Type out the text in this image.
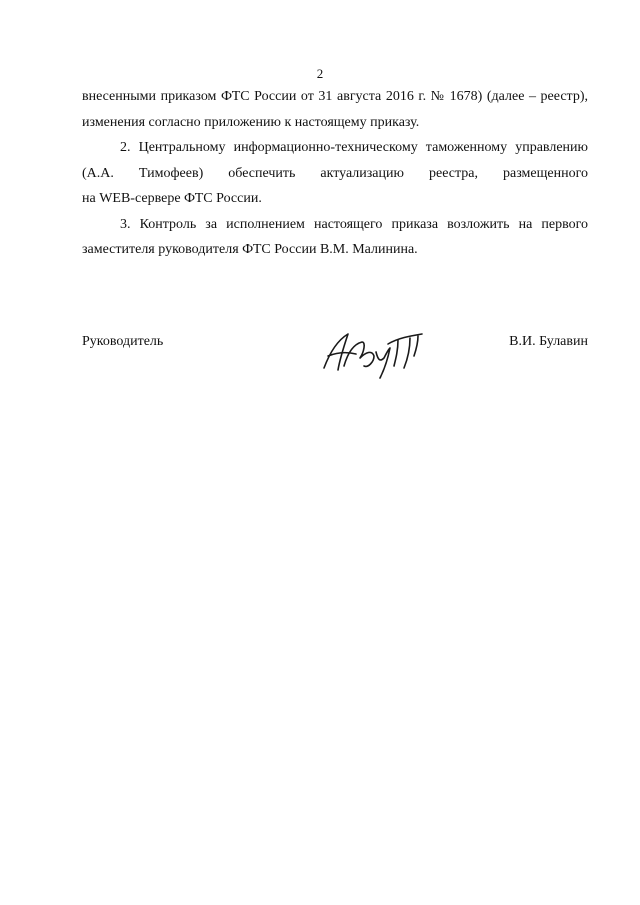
2
внесенными приказом ФТС России от 31 августа 2016 г. № 1678) (далее – реестр),
изменения согласно приложению к настоящему приказу.
2. Центральному информационно-техническому таможенному управлению
(А.А. Тимофеев) обеспечить актуализацию реестра, размещенного
на WEB-сервере ФТС России.
3. Контроль за исполнением настоящего приказа возложить на первого
заместителя руководителя ФТС России В.М. Малинина.
Руководитель	В.И. Булавин
